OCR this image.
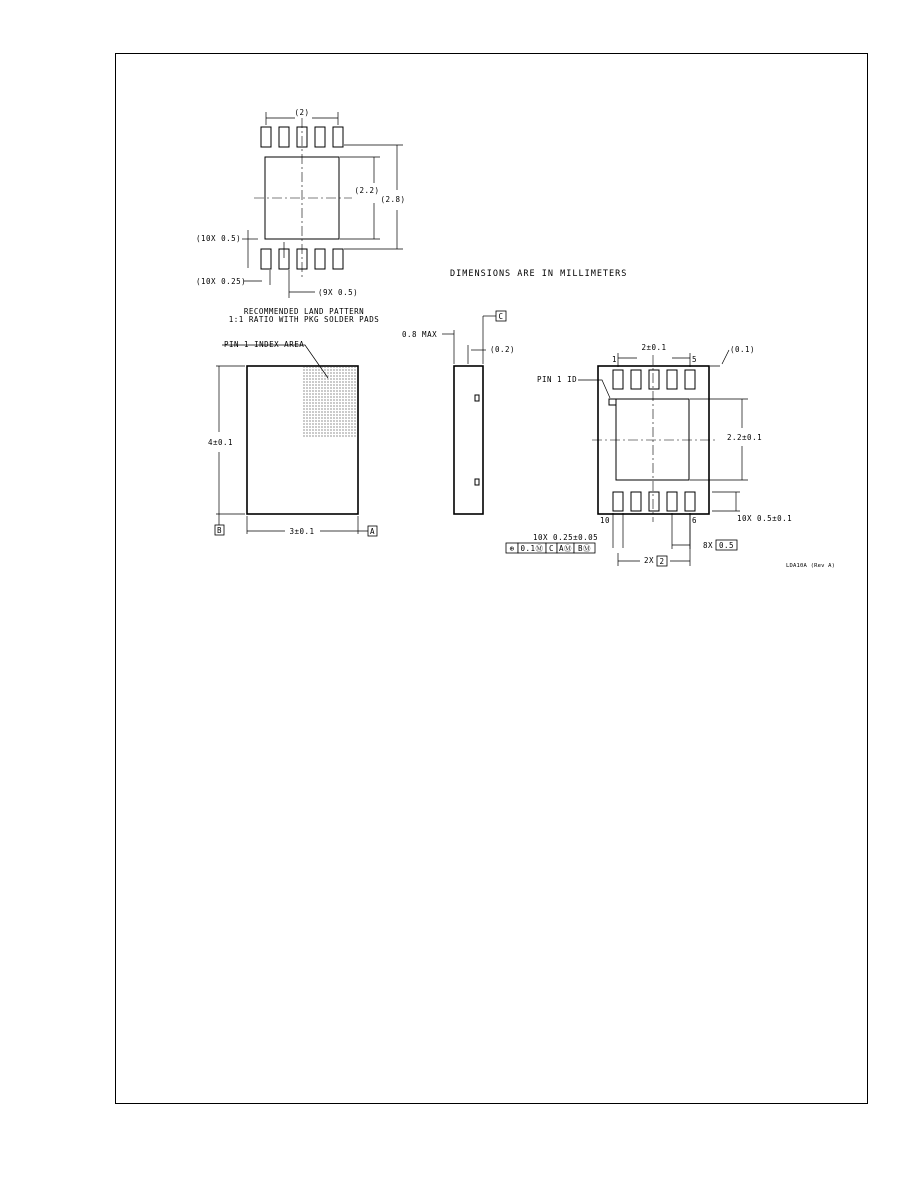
(2)
(2.2)
(2.8)
(10X 0.5)
(10X 0.25)
(9X 0.5)
RECOMMENDED LAND PATTERN
1:1 RATIO WITH PKG SOLDER PADS
DIMENSIONS ARE IN MILLIMETERS
PIN 1 INDEX AREA
4±0.1
3±0.1	A
B
0.8 MAX
(0.2)
C
2±0.1
1	5
10	6
(0.1)
PIN 1 ID
2.2±0.1
10X 0.5±0.1
10X 0.25±0.05
⊕ 0.1Ⓜ C AⓂ BⓂ	8X 0.5
2X 2	LDA10A (Rev A)
